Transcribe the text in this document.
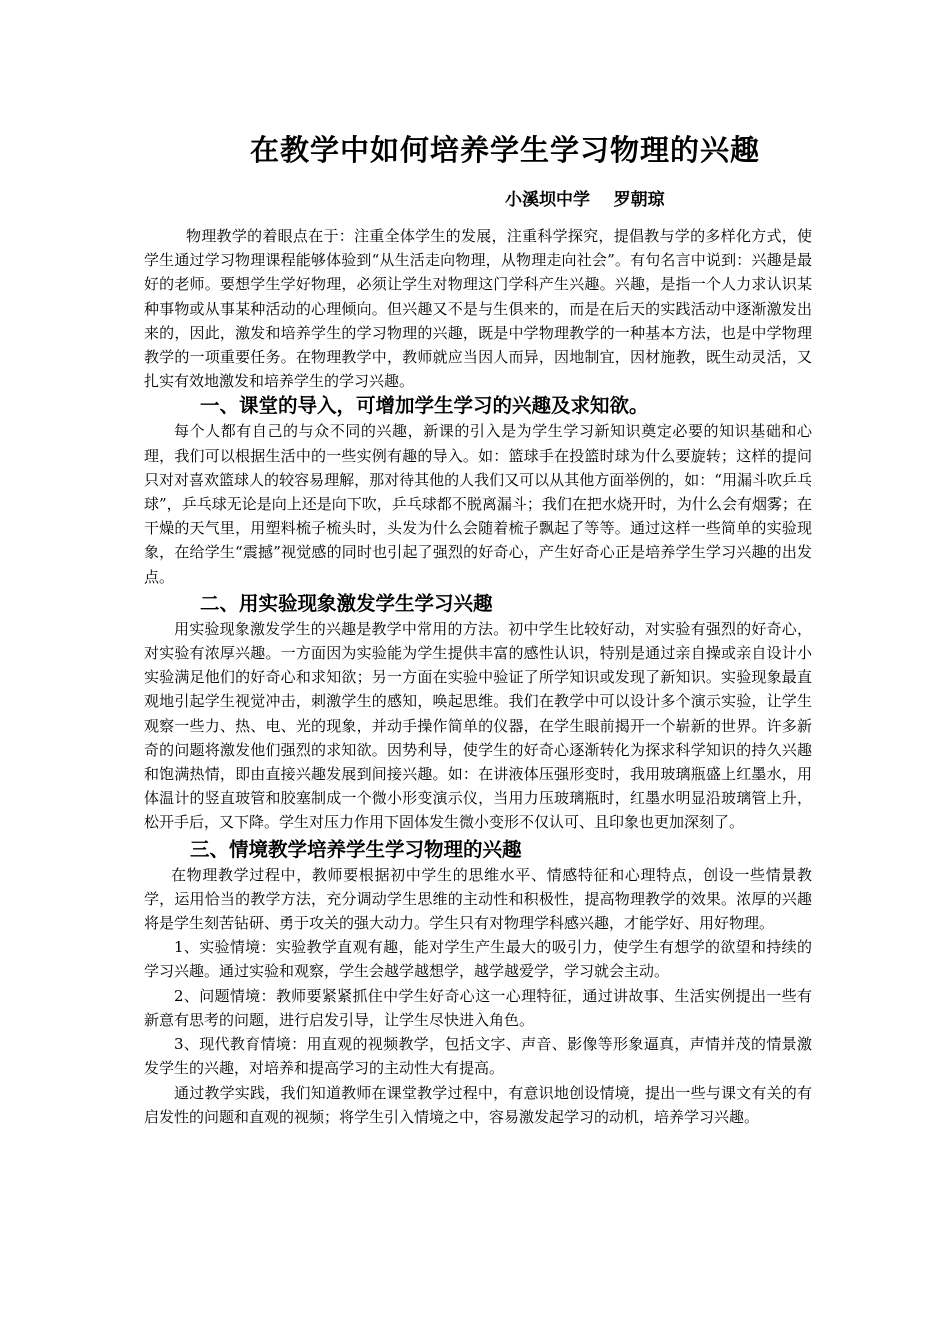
在教学中如何培养学生学习物理的兴趣
小溪坝中学    罗朝琼

物理教学的着眼点在于：注重全体学生的发展，注重科学探究，提倡教与学的多样化方式，使学生通过学习物理课程能够体验到“从生活走向物理，从物理走向社会”。有句名言中说到：兴趣是最好的老师。要想学生学好物理，必须让学生对物理这门学科产生兴趣。兴趣，是指一个人力求认识某种事物或从事某种活动的心理倾向。但兴趣又不是与生俱来的，而是在后天的实践活动中逐渐激发出来的，因此，激发和培养学生的学习物理的兴趣，既是中学物理教学的一种基本方法，也是中学物理教学的一项重要任务。在物理教学中，教师就应当因人而异，因地制宜，因材施教，既生动灵活，又扎实有效地激发和培养学生的学习兴趣。

一、课堂的导入，可增加学生学习的兴趣及求知欲。

每个人都有自己的与众不同的兴趣，新课的引入是为学生学习新知识奠定必要的知识基础和心理，我们可以根据生活中的一些实例有趣的导入。如：篮球手在投篮时球为什么要旋转；这样的提问只对对喜欢篮球人的较容易理解，那对待其他的人我们又可以从其他方面举例的，如：“用漏斗吹乒乓球”，乒乓球无论是向上还是向下吹，乒乓球都不脱离漏斗；我们在把水烧开时，为什么会有烟雾；在干燥的天气里，用塑料梳子梳头时，头发为什么会随着梳子飘起了等等。通过这样一些简单的实验现象，在给学生“震撼”视觉感的同时也引起了强烈的好奇心，产生好奇心正是培养学生学习兴趣的出发点。

二、用实验现象激发学生学习兴趣

用实验现象激发学生的兴趣是教学中常用的方法。初中学生比较好动，对实验有强烈的好奇心，对实验有浓厚兴趣。一方面因为实验能为学生提供丰富的感性认识，特别是通过亲自操或亲自设计小实验满足他们的好奇心和求知欲；另一方面在实验中验证了所学知识或发现了新知识。实验现象最直观地引起学生视觉冲击，刺激学生的感知，唤起思维。我们在教学中可以设计多个演示实验，让学生观察一些力、热、电、光的现象，并动手操作简单的仪器，在学生眼前揭开一个崭新的世界。许多新奇的问题将激发他们强烈的求知欲。因势利导，使学生的好奇心逐渐转化为探求科学知识的持久兴趣和饱满热情，即由直接兴趣发展到间接兴趣。如：在讲液体压强形变时，我用玻璃瓶盛上红墨水，用体温计的竖直玻管和胶塞制成一个微小形变演示仪，当用力压玻璃瓶时，红墨水明显沿玻璃管上升，松开手后，又下降。学生对压力作用下固体发生微小变形不仅认可、且印象也更加深刻了。

三、情境教学培养学生学习物理的兴趣

在物理教学过程中，教师要根据初中学生的思维水平、情感特征和心理特点，创设一些情景教学，运用恰当的教学方法，充分调动学生思维的主动性和积极性，提高物理教学的效果。浓厚的兴趣将是学生刻苦钻研、勇于攻关的强大动力。学生只有对物理学科感兴趣，才能学好、用好物理。

1、实验情境：实验教学直观有趣，能对学生产生最大的吸引力，使学生有想学的欲望和持续的学习兴趣。通过实验和观察，学生会越学越想学，越学越爱学，学习就会主动。

2、问题情境：教师要紧紧抓住中学生好奇心这一心理特征，通过讲故事、生活实例提出一些有新意有思考的问题，进行启发引导，让学生尽快进入角色。

3、现代教育情境：用直观的视频教学，包括文字、声音、影像等形象逼真，声情并茂的情景激发学生的兴趣，对培养和提高学习的主动性大有提高。

通过教学实践，我们知道教师在课堂教学过程中，有意识地创设情境，提出一些与课文有关的有启发性的问题和直观的视频；将学生引入情境之中，容易激发起学习的动机，培养学习兴趣。
